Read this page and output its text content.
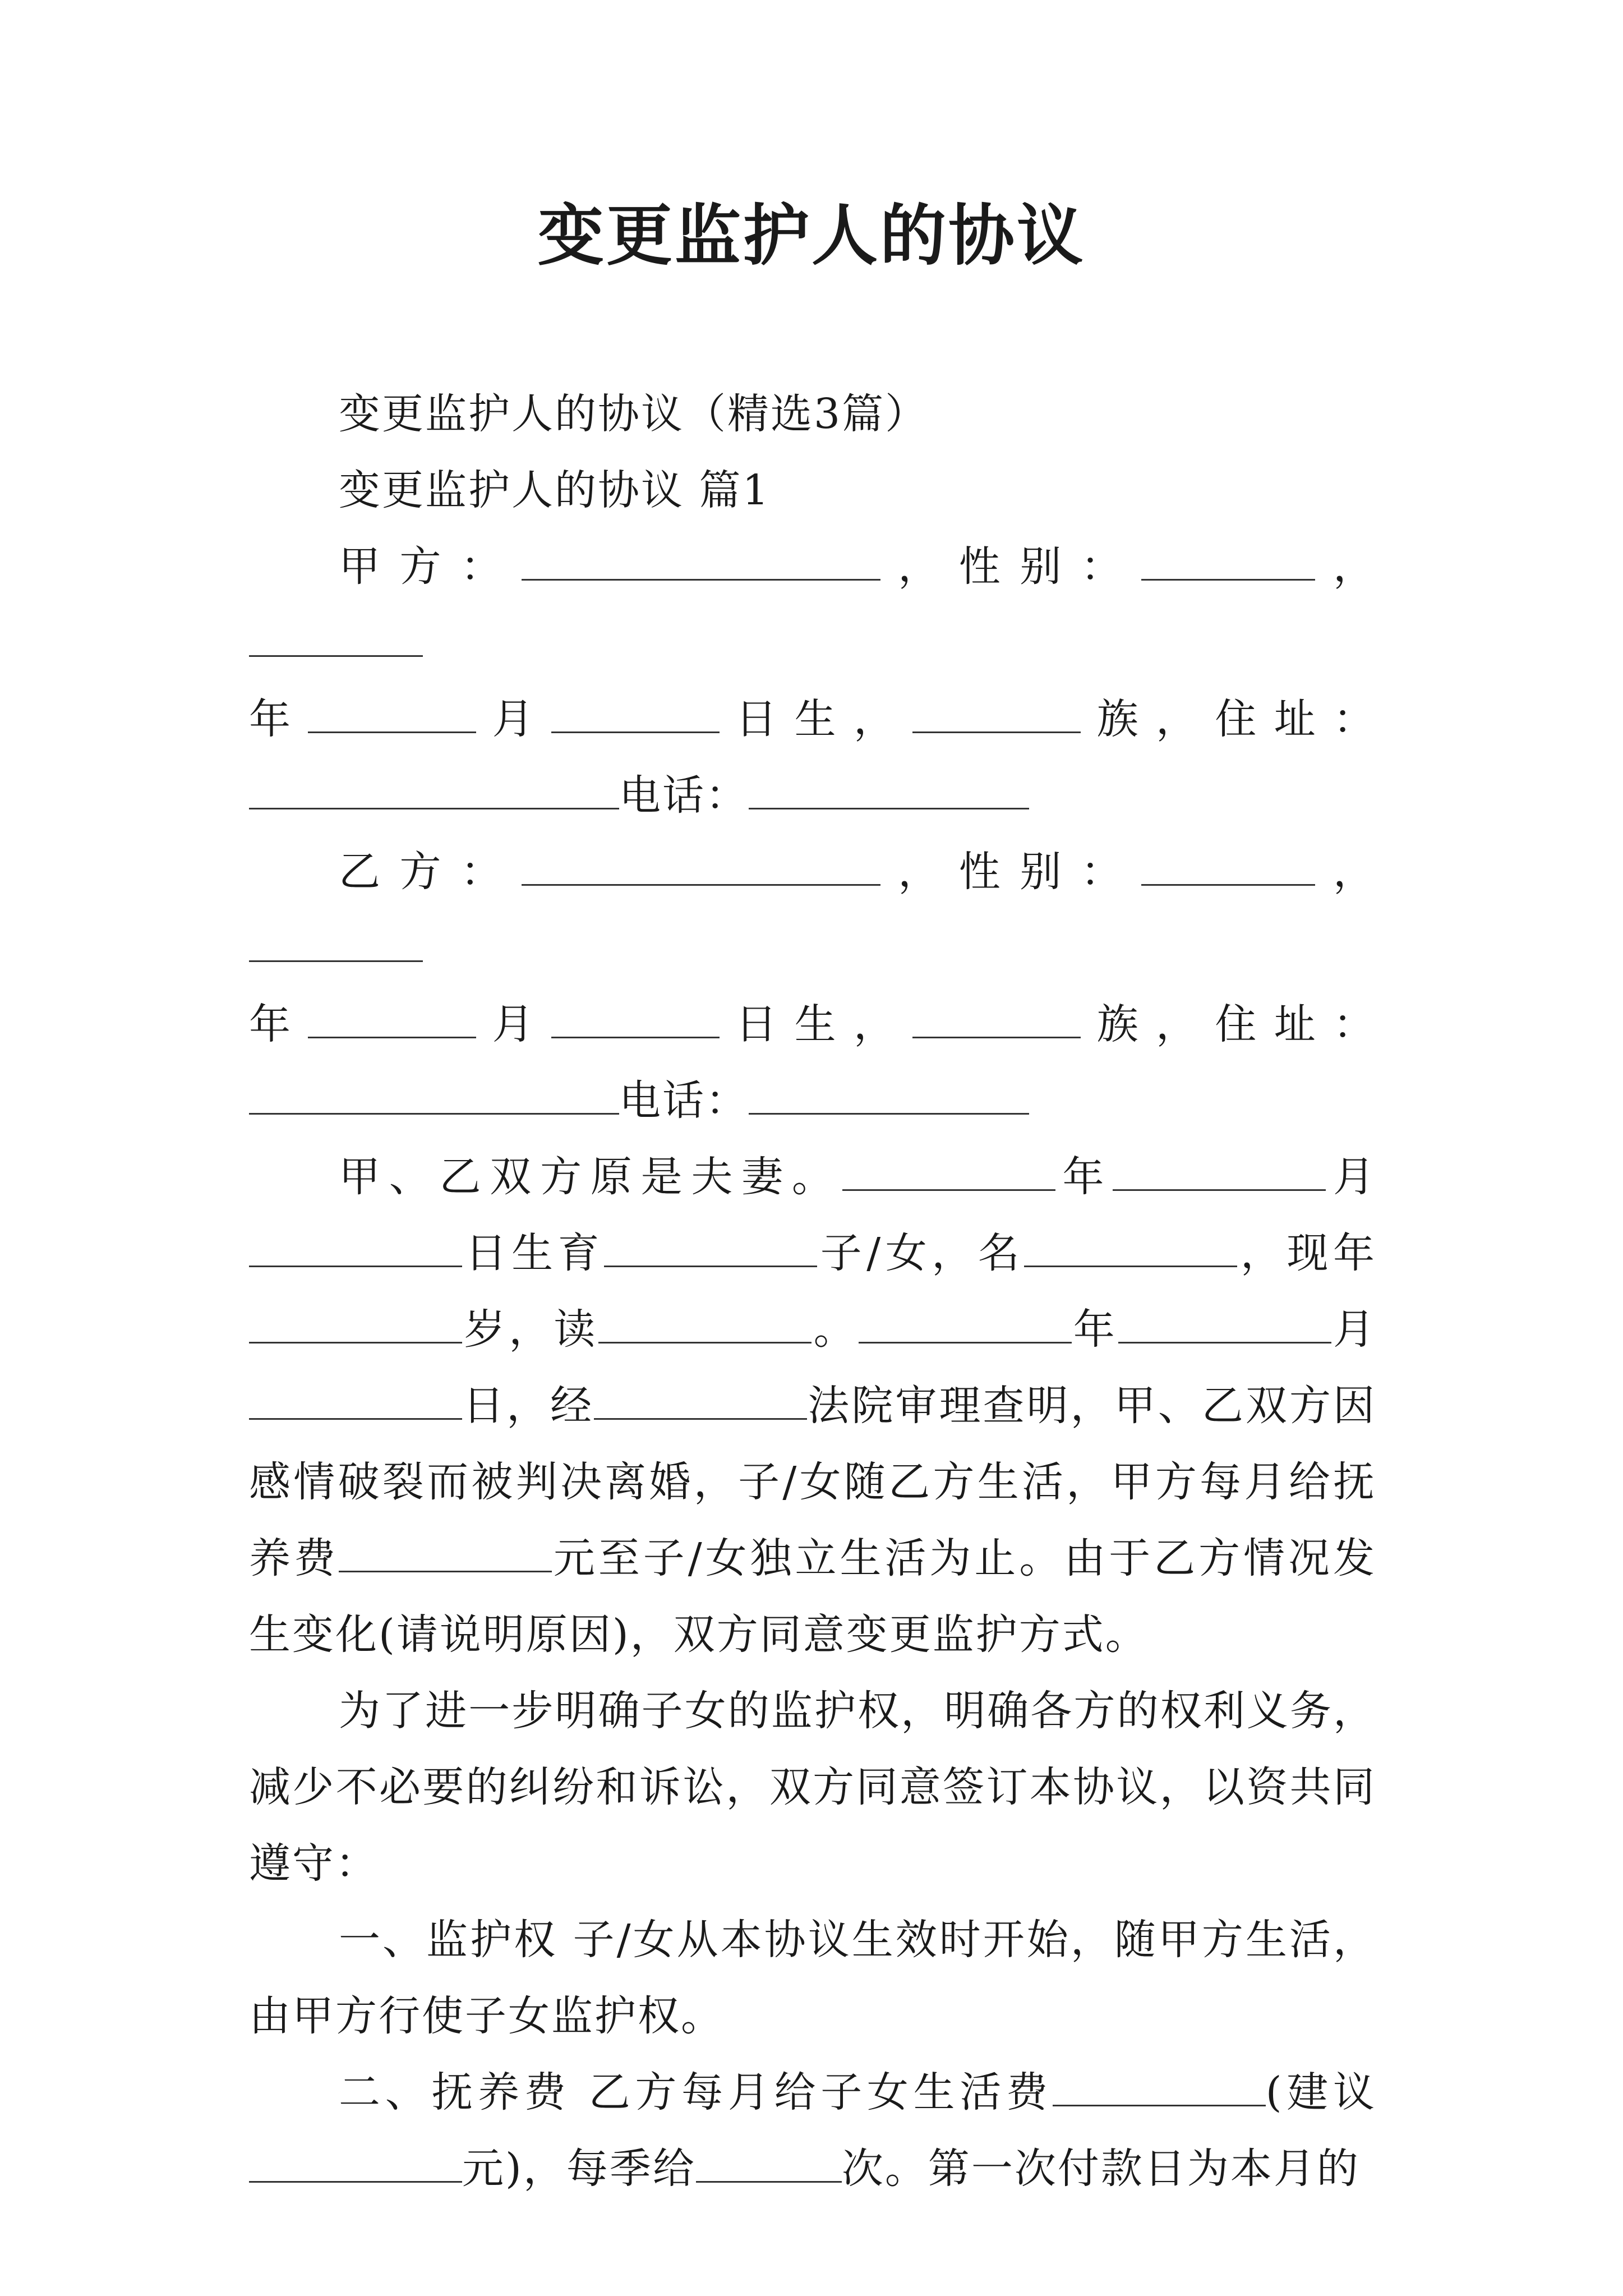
变更监护人的协议

变更监护人的协议（精选3篇）

变更监护人的协议 篇1

甲方：	，性别：	，

年	月	日生，	族，住址：

电话：

乙方：	，性别：	，

年	月	日生，	族，住址：

电话：

甲、乙双方原是夫妻。	年	月日生育	子/女，名	，现年岁，读	。	年	月日，经	法院审理查明，甲、乙双方因感情破裂而被判决离婚，子/女随乙方生活，甲方每月给抚养费	元至子/女独立生活为止。由于乙方情况发生变化(请说明原因)，双方同意变更监护方式。

为了进一步明确子女的监护权，明确各方的权利义务，减少不必要的纠纷和诉讼，双方同意签订本协议，以资共同遵守：

一、监护权 子/女从本协议生效时开始，随甲方生活，由甲方行使子女监护权。

二、抚养费 乙方每月给子女生活费	(建议元)，每季给	次。第一次付款日为本月的
